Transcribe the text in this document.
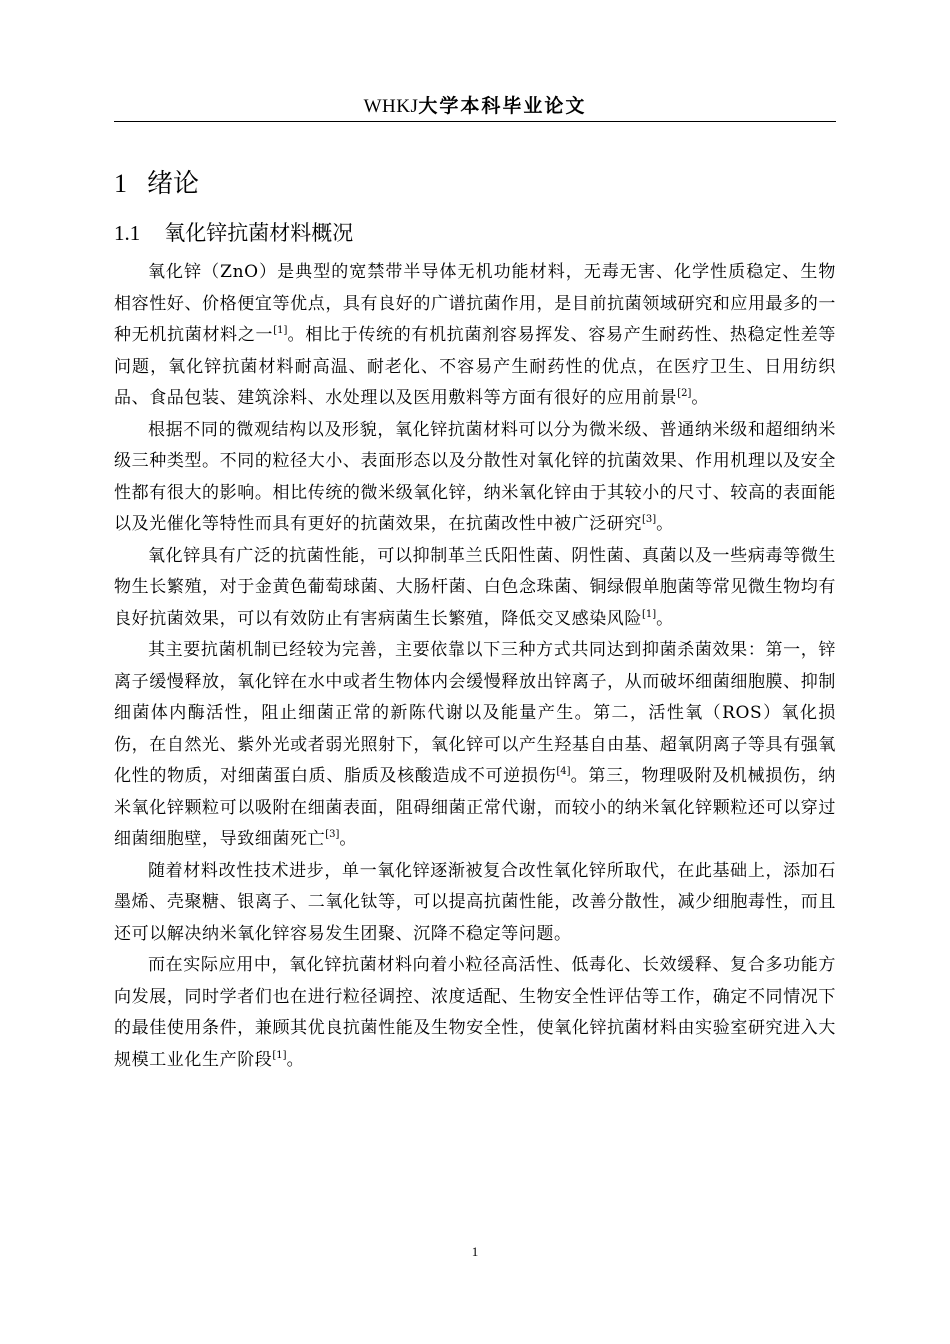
WHKJ大学本科毕业论文
1 绪论
1.1 氧化锌抗菌材料概况

氧化锌（ZnO）是典型的宽禁带半导体无机功能材料，无毒无害、化学性质稳定、生物相容性好、价格便宜等优点，具有良好的广谱抗菌作用，是目前抗菌领域研究和应用最多的一种无机抗菌材料之一[1]。相比于传统的有机抗菌剂容易挥发、容易产生耐药性、热稳定性差等问题，氧化锌抗菌材料耐高温、耐老化、不容易产生耐药性的优点，在医疗卫生、日用纺织品、食品包装、建筑涂料、水处理以及医用敷料等方面有很好的应用前景[2]。

根据不同的微观结构以及形貌，氧化锌抗菌材料可以分为微米级、普通纳米级和超细纳米级三种类型。不同的粒径大小、表面形态以及分散性对氧化锌的抗菌效果、作用机理以及安全性都有很大的影响。相比传统的微米级氧化锌，纳米氧化锌由于其较小的尺寸、较高的表面能以及光催化等特性而具有更好的抗菌效果，在抗菌改性中被广泛研究[3]。

氧化锌具有广泛的抗菌性能，可以抑制革兰氏阳性菌、阴性菌、真菌以及一些病毒等微生物生长繁殖，对于金黄色葡萄球菌、大肠杆菌、白色念珠菌、铜绿假单胞菌等常见微生物均有良好抗菌效果，可以有效防止有害病菌生长繁殖，降低交叉感染风险[1]。

其主要抗菌机制已经较为完善，主要依靠以下三种方式共同达到抑菌杀菌效果：第一，锌离子缓慢释放，氧化锌在水中或者生物体内会缓慢释放出锌离子，从而破坏细菌细胞膜、抑制细菌体内酶活性，阻止细菌正常的新陈代谢以及能量产生。第二，活性氧（ROS）氧化损伤，在自然光、紫外光或者弱光照射下，氧化锌可以产生羟基自由基、超氧阴离子等具有强氧化性的物质，对细菌蛋白质、脂质及核酸造成不可逆损伤[4]。第三，物理吸附及机械损伤，纳米氧化锌颗粒可以吸附在细菌表面，阻碍细菌正常代谢，而较小的纳米氧化锌颗粒还可以穿过细菌细胞壁，导致细菌死亡[3]。

随着材料改性技术进步，单一氧化锌逐渐被复合改性氧化锌所取代，在此基础上，添加石墨烯、壳聚糖、银离子、二氧化钛等，可以提高抗菌性能，改善分散性，减少细胞毒性，而且还可以解决纳米氧化锌容易发生团聚、沉降不稳定等问题。

而在实际应用中，氧化锌抗菌材料向着小粒径高活性、低毒化、长效缓释、复合多功能方向发展，同时学者们也在进行粒径调控、浓度适配、生物安全性评估等工作，确定不同情况下的最佳使用条件，兼顾其优良抗菌性能及生物安全性，使氧化锌抗菌材料由实验室研究进入大规模工业化生产阶段[1]。

1
